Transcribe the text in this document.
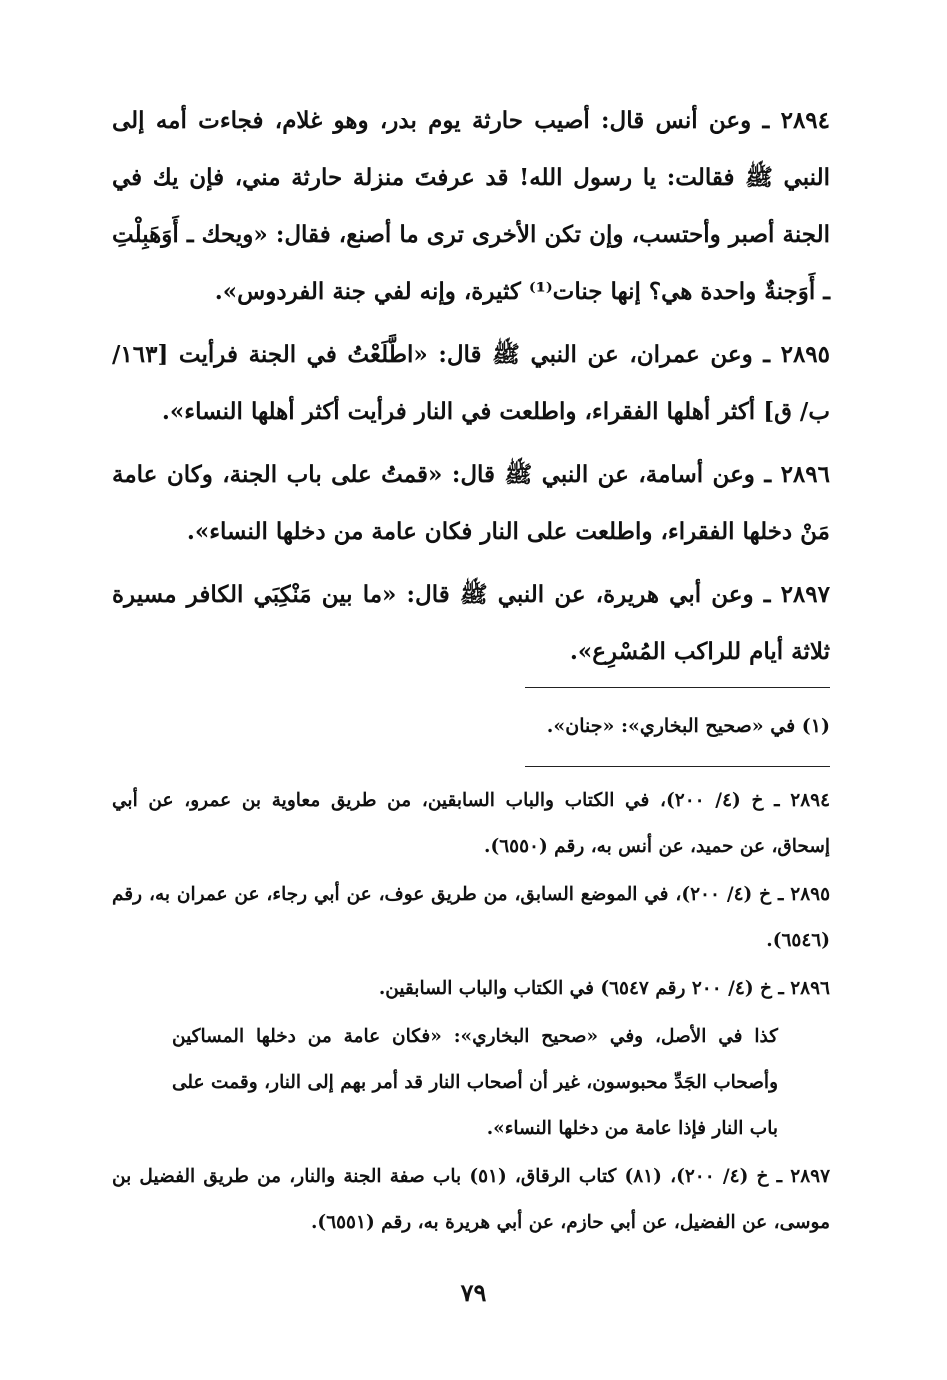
٢٨٩٤ ـ وعن أنس قال: أصيب حارثة يوم بدر، وهو غلام، فجاءت أمه إلى النبي ﷺ فقالت: يا رسول الله! قد عرفتَ منزلة حارثة مني، فإن يك في الجنة أصبر وأحتسب، وإن تكن الأخرى ترى ما أصنع، فقال: «ويحك ـ أَوَهَبِلْتِ ـ أَوَجنةٌ واحدة هي؟ إنها جنات⁽¹⁾ كثيرة، وإنه لفي جنة الفردوس».

٢٨٩٥ ـ وعن عمران، عن النبي ﷺ قال: «اطَّلَعْتُ في الجنة فرأيت [١٦٣/ ب/ ق] أكثر أهلها الفقراء، واطلعت في النار فرأيت أكثر أهلها النساء».

٢٨٩٦ ـ وعن أسامة، عن النبي ﷺ قال: «قمتُ على باب الجنة، وكان عامة مَنْ دخلها الفقراء، واطلعت على النار فكان عامة من دخلها النساء».

٢٨٩٧ ـ وعن أبي هريرة، عن النبي ﷺ قال: «ما بين مَنْكِبَي الكافر مسيرة ثلاثة أيام للراكب المُسْرِع».

(١) في «صحيح البخاري»: «جنان».

٢٨٩٤ ـ خ (٤/ ٢٠٠)، في الكتاب والباب السابقين، من طريق معاوية بن عمرو، عن أبي إسحاق، عن حميد، عن أنس به، رقم (٦٥٥٠).

٢٨٩٥ ـ خ (٤/ ٢٠٠)، في الموضع السابق، من طريق عوف، عن أبي رجاء، عن عمران به، رقم (٦٥٤٦).

٢٨٩٦ ـ خ (٤/ ٢٠٠ رقم ٦٥٤٧) في الكتاب والباب السابقين.

كذا في الأصل، وفي «صحيح البخاري»: «فكان عامة من دخلها المساكين وأصحاب الجَدِّ محبوسون، غير أن أصحاب النار قد أمر بهم إلى النار، وقمت على باب النار فإذا عامة من دخلها النساء».

٢٨٩٧ ـ خ (٤/ ٢٠٠)، (٨١) كتاب الرقاق، (٥١) باب صفة الجنة والنار، من طريق الفضيل بن موسى، عن الفضيل، عن أبي حازم، عن أبي هريرة به، رقم (٦٥٥١).

٧٩
